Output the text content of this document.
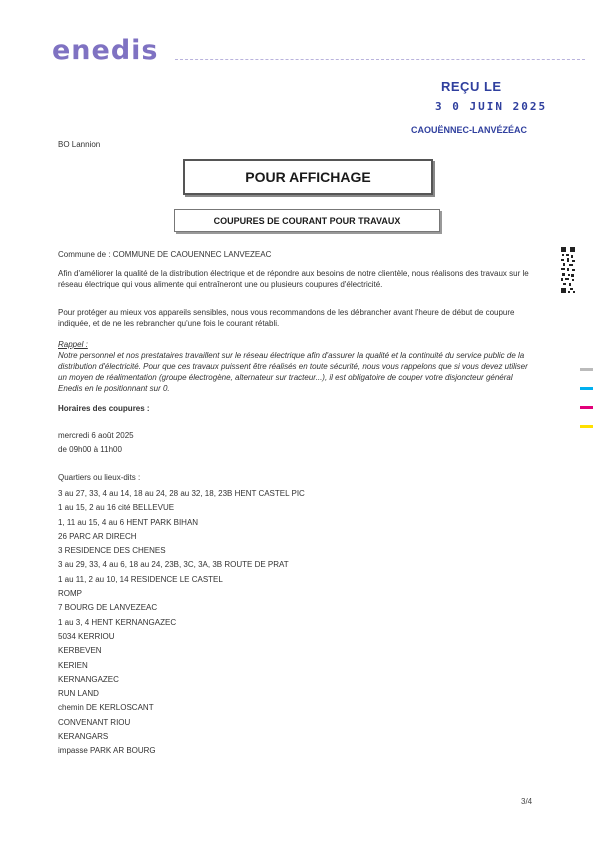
enedis
REÇU LE
3 0 JUIN 2025
CAOUËNNEC-LANVÉZÉAC
BO Lannion
POUR AFFICHAGE
COUPURES DE COURANT POUR TRAVAUX
Commune de : COMMUNE DE CAOUENNEC LANVEZEAC
Afin d'améliorer la qualité de la distribution électrique et de répondre aux besoins de notre clientèle, nous réalisons des travaux sur le réseau électrique qui vous alimente qui entraîneront une ou plusieurs coupures d'électricité.
Pour protéger au mieux vos appareils sensibles, nous vous recommandons de les débrancher avant l'heure de début de coupure indiquée, et de ne les rebrancher qu'une fois le courant rétabli.
Rappel :
Notre personnel et nos prestataires travaillent sur le réseau électrique afin d'assurer la qualité et la continuité du service public de la distribution d'électricité. Pour que ces travaux puissent être réalisés en toute sécurité, nous vous rappelons que si vous devez utiliser un moyen de réalimentation (groupe électrogène, alternateur sur tracteur...), il est obligatoire de couper votre disjoncteur général Enedis en le positionnant sur 0.
Horaires des coupures :
mercredi 6 août 2025
de 09h00 à 11h00
Quartiers ou lieux-dits :
3 au 27, 33, 4 au 14, 18 au 24, 28 au 32, 18, 23B HENT CASTEL PIC
1 au 15, 2 au 16 cité BELLEVUE
1, 11 au 15, 4 au 6 HENT PARK BIHAN
26 PARC AR DIRECH
3 RESIDENCE DES CHENES
3 au 29, 33, 4 au 6, 18 au 24, 23B, 3C, 3A, 3B ROUTE DE PRAT
1 au 11, 2 au 10, 14 RESIDENCE LE CASTEL
ROMP
7 BOURG DE LANVEZEAC
1 au 3, 4 HENT KERNANGAZEC
5034 KERRIOU
KERBEVEN
KERIEN
KERNANGAZEC
RUN LAND
chemin DE KERLOSCANT
CONVENANT RIOU
KERANGARS
impasse PARK AR BOURG
3/4
